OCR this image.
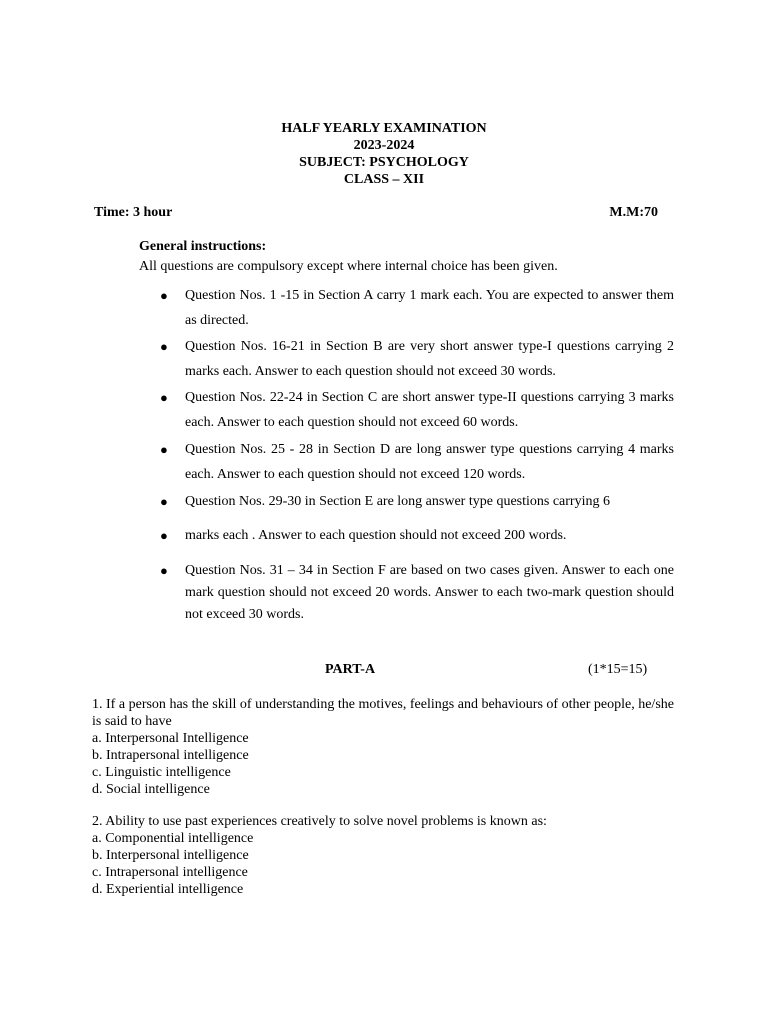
HALF YEARLY EXAMINATION
2023-2024
SUBJECT: PSYCHOLOGY
CLASS – XII
Time: 3 hour	M.M:70
General instructions:
All questions are compulsory except where internal choice has been given.
● Question Nos. 1 -15 in Section A carry 1 mark each. You are expected to answer them as directed.
● Question Nos. 16-21 in Section B are very short answer type-I questions carrying 2 marks each. Answer to each question should not exceed 30 words.
● Question Nos. 22-24 in Section C are short answer type-II questions carrying 3 marks each. Answer to each question should not exceed 60 words.
● Question Nos. 25 - 28 in Section D are long answer type questions carrying 4 marks each. Answer to each question should not exceed 120 words.
● Question Nos. 29-30 in Section E are long answer type questions carrying 6
● marks each . Answer to each question should not exceed 200 words.
● Question Nos. 31 – 34 in Section F are based on two cases given. Answer to each one mark question should not exceed 20 words. Answer to each two-mark question should not exceed 30 words.
PART-A	(1*15=15)
1. If a person has the skill of understanding the motives, feelings and behaviours of other people, he/she is said to have
a. Interpersonal Intelligence
b. Intrapersonal intelligence
c. Linguistic intelligence
d. Social intelligence
2. Ability to use past experiences creatively to solve novel problems is known as:
a. Componential intelligence
b. Interpersonal intelligence
c. Intrapersonal intelligence
d. Experiential intelligence
